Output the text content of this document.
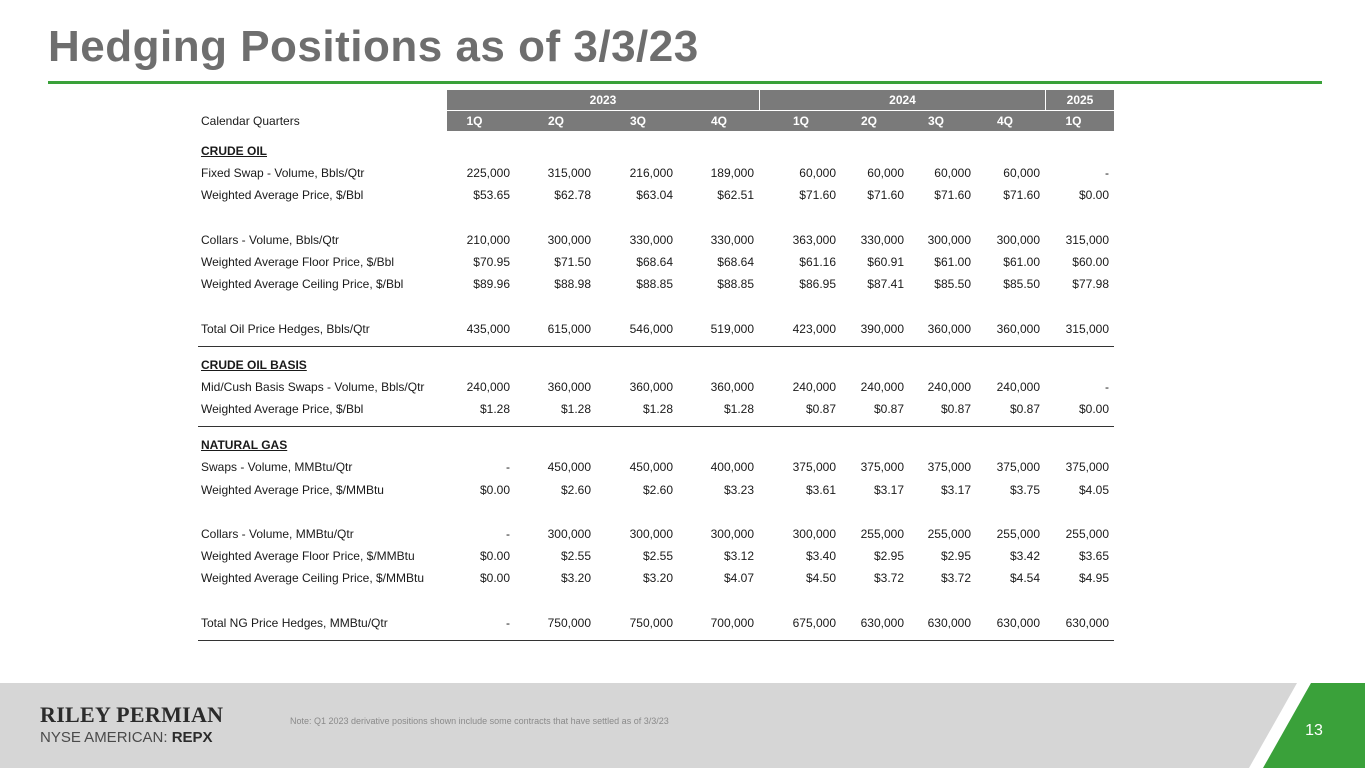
Hedging Positions as of 3/3/23
2023	2024	2025
Calendar Quarters	1Q	2Q	3Q	4Q	1Q	2Q	3Q	4Q	1Q
CRUDE OIL
Fixed Swap - Volume, Bbls/Qtr	225,000	315,000	216,000	189,000	60,000	60,000	60,000	60,000	-
Weighted Average Price, $/Bbl	$53.65	$62.78	$63.04	$62.51	$71.60	$71.60	$71.60	$71.60	$0.00
Collars - Volume, Bbls/Qtr	210,000	300,000	330,000	330,000	363,000	330,000	300,000	300,000	315,000
Weighted Average Floor Price, $/Bbl	$70.95	$71.50	$68.64	$68.64	$61.16	$60.91	$61.00	$61.00	$60.00
Weighted Average Ceiling Price, $/Bbl	$89.96	$88.98	$88.85	$88.85	$86.95	$87.41	$85.50	$85.50	$77.98
Total Oil Price Hedges, Bbls/Qtr	435,000	615,000	546,000	519,000	423,000	390,000	360,000	360,000	315,000
CRUDE OIL BASIS
Mid/Cush Basis Swaps - Volume, Bbls/Qtr	240,000	360,000	360,000	360,000	240,000	240,000	240,000	240,000	-
Weighted Average Price, $/Bbl	$1.28	$1.28	$1.28	$1.28	$0.87	$0.87	$0.87	$0.87	$0.00
NATURAL GAS
Swaps - Volume, MMBtu/Qtr	-	450,000	450,000	400,000	375,000	375,000	375,000	375,000	375,000
Weighted Average Price, $/MMBtu	$0.00	$2.60	$2.60	$3.23	$3.61	$3.17	$3.17	$3.75	$4.05
Collars - Volume, MMBtu/Qtr	-	300,000	300,000	300,000	300,000	255,000	255,000	255,000	255,000
Weighted Average Floor Price, $/MMBtu	$0.00	$2.55	$2.55	$3.12	$3.40	$2.95	$2.95	$3.42	$3.65
Weighted Average Ceiling Price, $/MMBtu	$0.00	$3.20	$3.20	$4.07	$4.50	$3.72	$3.72	$4.54	$4.95
Total NG Price Hedges, MMBtu/Qtr	-	750,000	750,000	700,000	675,000	630,000	630,000	630,000	630,000
RILEY PERMIAN
NYSE AMERICAN: REPX
Note: Q1 2023 derivative positions shown include some contracts that have settled as of 3/3/23
13
